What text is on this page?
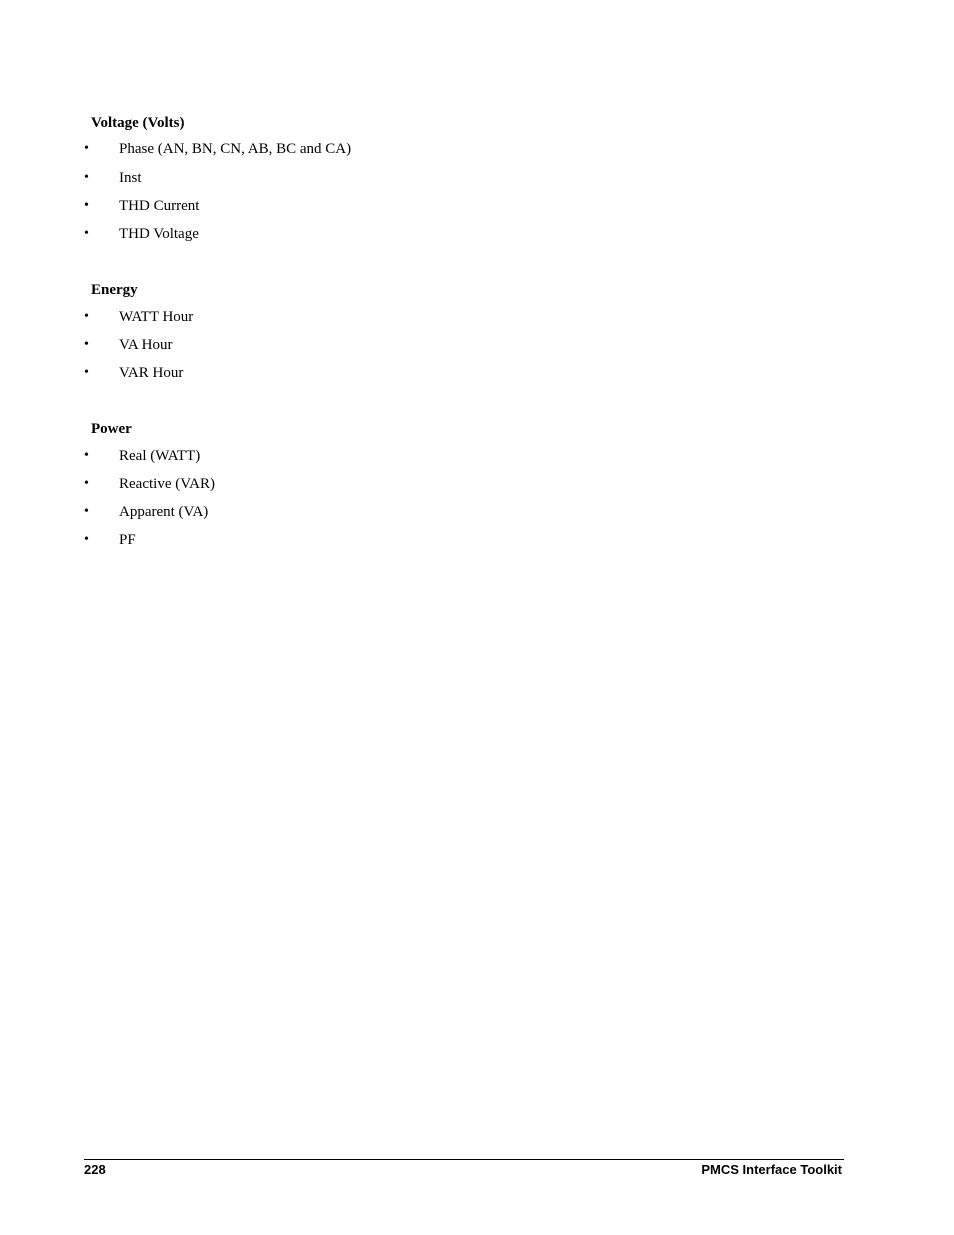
Voltage (Volts)
• Phase (AN, BN, CN, AB, BC and CA)
• Inst
• THD Current
• THD Voltage
Energy
• WATT Hour
• VA Hour
• VAR Hour
Power
• Real (WATT)
• Reactive (VAR)
• Apparent (VA)
• PF
228	PMCS Interface Toolkit
